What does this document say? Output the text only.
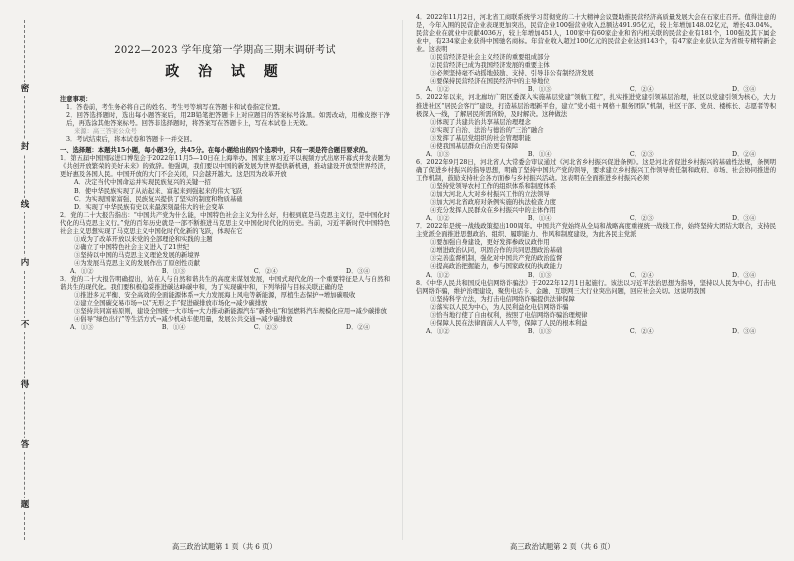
密
封
线
内
不
得
答
题
2022—2023 学年度第一学期高三期末调研考试
政 治 试 题
注意事项：
1．答卷前，考生务必将自己的姓名、考生号等填写在答题卡和试卷指定位置。
2．回答选择题时，选出每小题答案后，用2B铅笔把答题卡上对应题目的答案标号涂黑。如需改动，用橡皮擦干净后，再选涂其他答案标号。回答非选择题时，将答案写在答题卡上，写在本试卷上无效。
来源：高三答案公众号
3．考试结束后，将本试卷和答题卡一并交回。
一、选择题：本题共15小题，每小题3分，共45分。在每小题给出的四个选项中，只有一项是符合题目要求的。
1．第五届中国国际进口博览会于2022年11月5—10日在上海举办。国家主席习近平以视频方式出席开幕式并发表题为《共创开放繁荣的美好未来》的致辞。他强调，我们要以中国的新发展为世界提供新机遇，推动建设开放型世界经济，更好惠及各国人民。中国开放的大门不会关闭，只会越开越大。这是因为改革开放
A．决定当代中国命运并实现民族复兴的关键一招
B．使中华民族实现了从站起来、富起来到强起来的伟大飞跃
C．为实现国家富强、民族复兴提供了坚实的制度和物质基础
D．实现了中华民族有史以来最深刻最伟大的社会变革
2．党的二十大报告指出：“中国共产党为什么能，中国特色社会主义为什么好，归根到底是马克思主义行，是中国化时代化的马克思主义行。”党的百年历史就是一部不断推进马克思主义中国化时代化的历史。当前，习近平新时代中国特色社会主义思想实现了马克思主义中国化时代化新的飞跃，体现在它
①成为了改革开放以来党的全部理论和实践的主题
②确立了中国特色社会主义进入了21世纪
③坚持以中国的马克思主义理论发展的新境界
④为发展马克思主义的发展作出了原创性贡献
A．①②	B．①③	C．②④	D．③④
3．党的二十大报告明确提出，站在人与自然和谐共生的高度来谋划发展，中国式现代化的一个重要特征是人与自然和谐共生的现代化。我们要积极稳妥推进碳达峰碳中和，为了实现碳中和，下列举措与目标关联正确的是
①推进多元平衡、安全高效的全面能源体系→大力发展海上风电等新能源，厚植生态保护→增加碳吸收
②建立全国碳交易市场→以“无形之手”促进碳排放市场化→减少碳排放
③坚持共同富裕原则，建设全国统一大市场→大力推动新能源汽车“新换电”和氢燃料汽车规模化应用→减少碳排放
④倡导“绿色出行”等生活方式→减少机动车使用量，发展公共交通→减少碳排放
A．①③	B．①④	C．②③	D．②④
4．2022年11月2日，河北省工商联系统学习贯彻党的二十大精神会议暨助推民营经济高质量发展大会在石家庄召开。值得注意的是，今年入围的民营企业表现更加突出，民营企业100强营业收入总额达491.95亿元，较上年增加148.02亿元，增长43.04%。民营企业在就业中贡献4036万，较上年增加451人，100家中有60家企业和省内相关联的民营企业有181个，100强及其下属企业中，有234家企业获得中国驰名商标。年营业收入超过100亿元的民营企业达到143个，有47家企业获认定为省级专精特新企业。这表明
①民营经济是社会主义经济的重要组成部分
②民营经济已成为我国经济发展的重要主体
③必须坚持毫不动摇地鼓励、支持、引导非公有制经济发展
④要保持民营经济在国民经济中的主导地位
A．①②	B．①③	C．②④	D．③④
5．2022年以来，河北廊坊广阳区委深入实施基层党建“领航工程”，扎实推进党建引领基层治理，社区以党建引领为核心，大力推进社区“居民会客厅”建设，打造基层治理新平台，建立“党小组＋网格＋服务团队”机制，社区干部、党员、楼栋长、志愿者等积极深入一线，了解居民所需所盼，及时解决。这种做法
①体现了共建共治共享基层治理理念
②实现了自治、法治与德治的“三治”融合
③发挥了基层党组织的社会管理职能
④使我国基层群众自治更有保障
A．①③	B．①④	C．②③	D．②④
6．2022年9月28日，河北省人大常委会审议通过《河北省乡村振兴促进条例》。这是河北省促进乡村振兴的基础性法规，条例明确了促进乡村振兴的指导思想，明确了坚持中国共产党的领导，要求建立乡村振兴工作领导责任制和政府、市场、社会协同推进的工作机制，鼓励支持社会各方面参与乡村振兴活动。这表明在全面推进乡村振兴必须
①坚持党领导农村工作的组织体系和制度体系
②加大河北人大对乡村振兴工作的立法领导
③加大河北省政府对条例实施的执法检查力度
④充分发挥人民群众在乡村振兴中的主体作用
A．①②	B．①④	C．②③	D．③④
7．2022年是统一战线政策提出100周年。中国共产党始终从全局和战略高度重视统一战线工作，始终坚持大团结大联合，支持民主党派全面推进思想政治、组织、履职能力、作风和制度建设，为此各民主党派
①要加强自身建设，更好发挥参政议政作用
②增进政治认同，巩固合作的共同思想政治基础
③完善监督机制，强化对中国共产党的政治监督
④提高政治把握能力，参与国家政权的执政能力
A．①②	B．①③	C．②④	D．③④
8．《中华人民共和国反电信网络诈骗法》于2022年12月1日起施行。该法以习近平法治思想为指导，坚持以人民为中心，打击电信网络诈骗，维护治理建设，聚焦电话卡、金融、互联网三大行业突出问题，回应社会关切。这说明我国
①坚持科学立法，为打击电信网络诈骗提供法律保障
②落实以人民为中心，为人民利益化电信网络诈骗
③恰当地行使了自由权利，按照了电信网络诈骗治理规律
④保障人民在法律面前人人平等，保障了人民的根本利益
A．①②	B．①③	C．②④	D．③④
高三政治试题第 1 页（共 6 页）	高三政治试题第 2 页（共 6 页）
